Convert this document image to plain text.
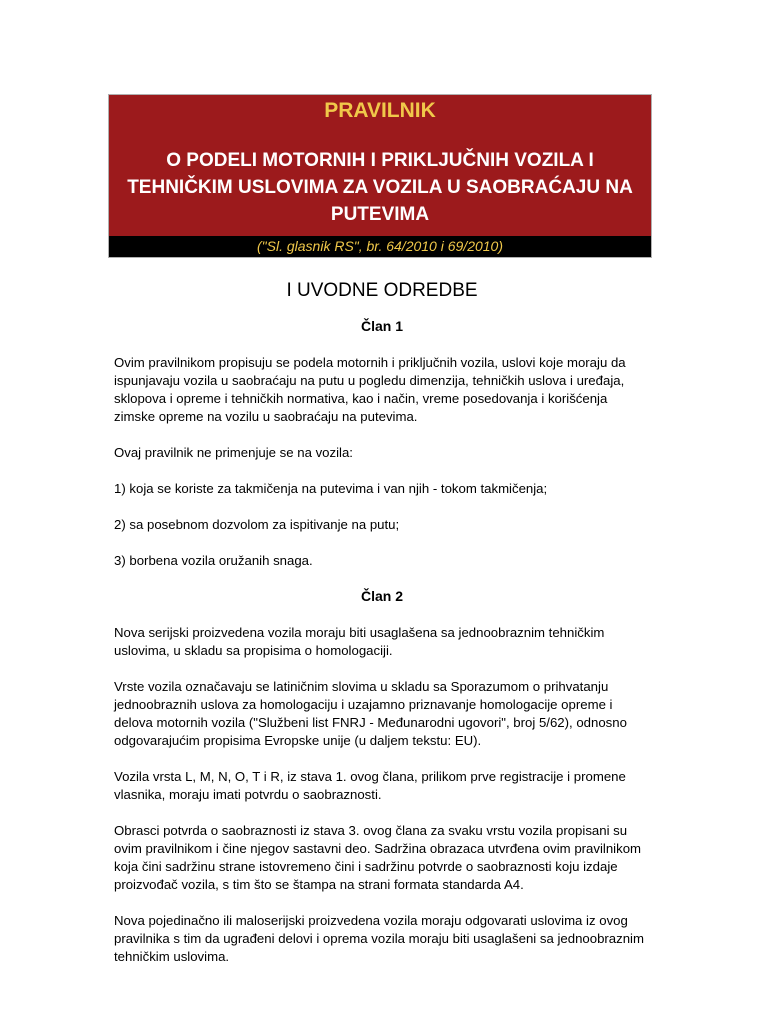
PRAVILNIK
O PODELI MOTORNIH I PRIKLJUČNIH VOZILA I TEHNIČKIM USLOVIMA ZA VOZILA U SAOBRAĆAJU NA PUTEVIMA
("Sl. glasnik RS", br. 64/2010 i 69/2010)
I UVODNE ODREDBE
Član 1

Ovim pravilnikom propisuju se podela motornih i priključnih vozila, uslovi koje moraju da ispunjavaju vozila u saobraćaju na putu u pogledu dimenzija, tehničkih uslova i uređaja, sklopova i opreme i tehničkih normativa, kao i način, vreme posedovanja i korišćenja zimske opreme na vozilu u saobraćaju na putevima.

Ovaj pravilnik ne primenjuje se na vozila:

1) koja se koriste za takmičenja na putevima i van njih - tokom takmičenja;

2) sa posebnom dozvolom za ispitivanje na putu;

3) borbena vozila oružanih snaga.

Član 2

Nova serijski proizvedena vozila moraju biti usaglašena sa jednoobraznim tehničkim uslovima, u skladu sa propisima o homologaciji.

Vrste vozila označavaju se latiničnim slovima u skladu sa Sporazumom o prihvatanju jednoobraznih uslova za homologaciju i uzajamno priznavanje homologacije opreme i delova motornih vozila ("Službeni list FNRJ - Međunarodni ugovori", broj 5/62), odnosno odgovarajućim propisima Evropske unije (u daljem tekstu: EU).

Vozila vrsta L, M, N, O, T i R, iz stava 1. ovog člana, prilikom prve registracije i promene vlasnika, moraju imati potvrdu o saobraznosti.

Obrasci potvrda o saobraznosti iz stava 3. ovog člana za svaku vrstu vozila propisani su ovim pravilnikom i čine njegov sastavni deo. Sadržina obrazaca utvrđena ovim pravilnikom koja čini sadržinu strane istovremeno čini i sadržinu potvrde o saobraznosti koju izdaje proizvođač vozila, s tim što se štampa na strani formata standarda A4.

Nova pojedinačno ili maloserijski proizvedena vozila moraju odgovarati uslovima iz ovog pravilnika s tim da ugrađeni delovi i oprema vozila moraju biti usaglašeni sa jednoobraznim tehničkim uslovima.
